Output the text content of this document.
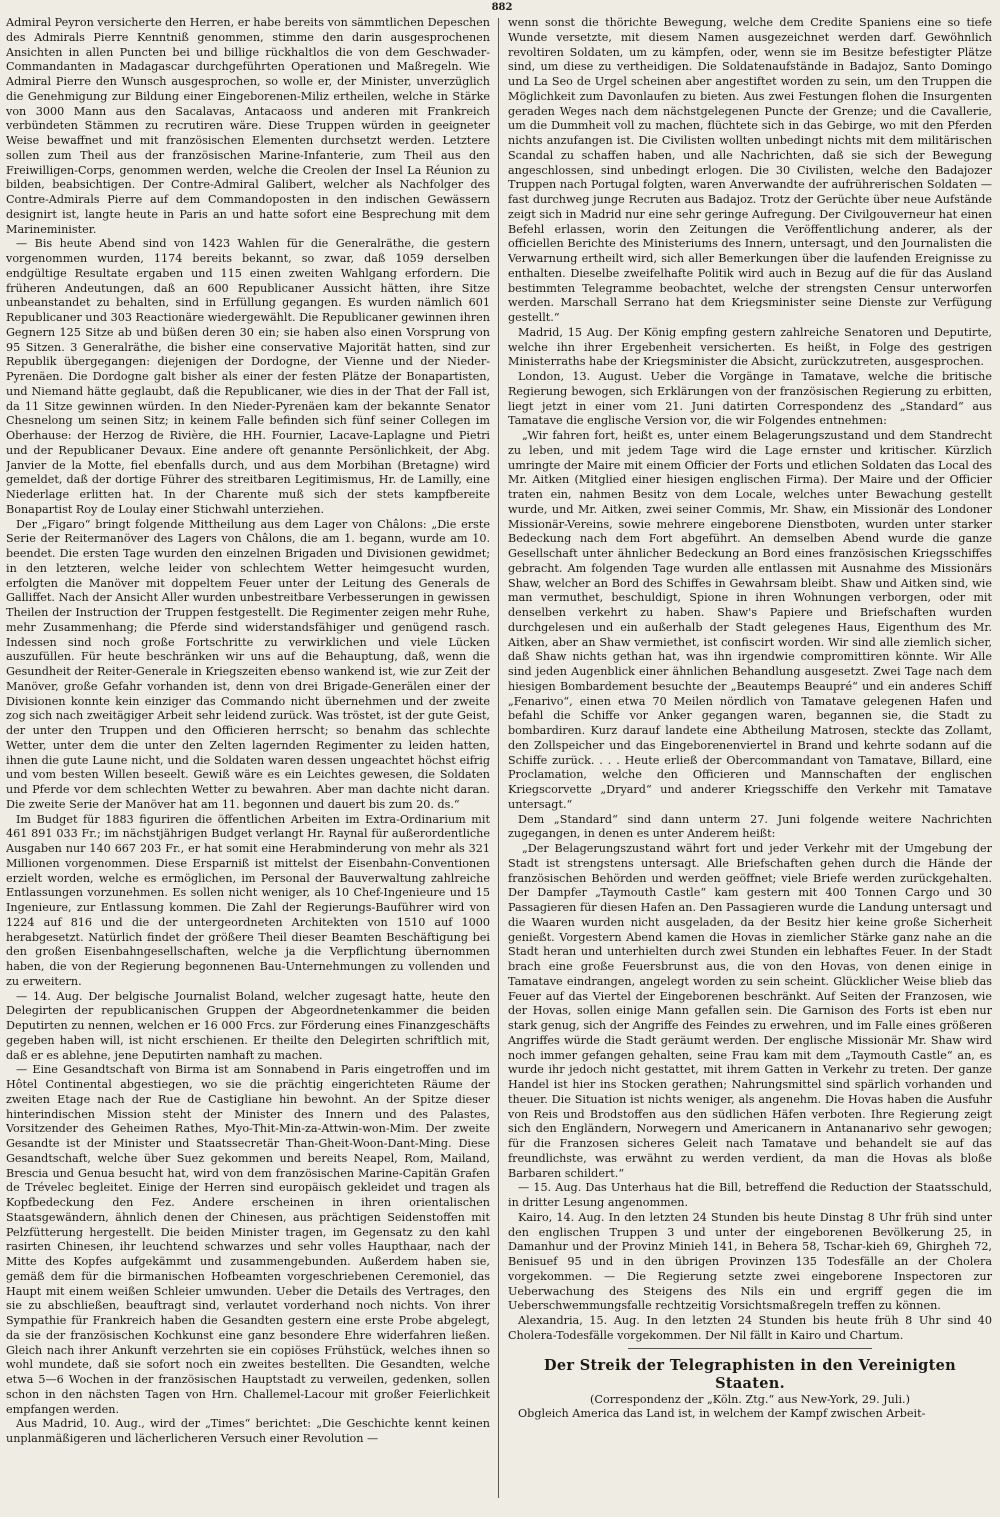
882

Admiral Peyron versicherte den Herren, er habe bereits von sämmtlichen Depeschen des Admirals Pierre Kenntniß genommen, stimme den darin ausgesprochenen Ansichten in allen Puncten bei und billige rückhaltlos die von dem Geschwader-Commandanten in Madagascar durchgeführten Operationen und Maßregeln. Wie Admiral Pierre den Wunsch ausgesprochen, so wolle er, der Minister, unverzüglich die Genehmigung zur Bildung einer Eingeborenen-Miliz ertheilen, welche in Stärke von 3000 Mann aus den Sacalavas, Antacaoss und anderen mit Frankreich verbündeten Stämmen zu recrutiren wäre. Diese Truppen würden in geeigneter Weise bewaffnet und mit französischen Elementen durchsetzt werden. Letztere sollen zum Theil aus der französischen Marine-Infanterie, zum Theil aus den Freiwilligen-Corps, genommen werden, welche die Creolen der Insel La Réunion zu bilden, beabsichtigen. Der Contre-Admiral Galibert, welcher als Nachfolger des Contre-Admirals Pierre auf dem Commandoposten in den indischen Gewässern designirt ist, langte heute in Paris an und hatte sofort eine Besprechung mit dem Marineminister.

— Bis heute Abend sind von 1423 Wahlen für die Generalräthe, die gestern vorgenommen wurden, 1174 bereits bekannt, so zwar, daß 1059 derselben endgültige Resultate ergaben und 115 einen zweiten Wahlgang erfordern. Die früheren Andeutungen, daß an 600 Republicaner Aussicht hätten, ihre Sitze unbeanstandet zu behalten, sind in Erfüllung gegangen. Es wurden nämlich 601 Republicaner und 303 Reactionäre wiedergewählt. Die Republicaner gewinnen ihren Gegnern 125 Sitze ab und büßen deren 30 ein; sie haben also einen Vorsprung von 95 Sitzen. 3 Generalräthe, die bisher eine conservative Majorität hatten, sind zur Republik übergegangen: diejenigen der Dordogne, der Vienne und der Nieder-Pyrenäen. Die Dordogne galt bisher als einer der festen Plätze der Bonapartisten, und Niemand hätte geglaubt, daß die Republicaner, wie dies in der That der Fall ist, da 11 Sitze gewinnen würden. In den Nieder-Pyrenäen kam der bekannte Senator Chesnelong um seinen Sitz; in keinem Falle befinden sich fünf seiner Collegen im Oberhause: der Herzog de Rivière, die HH. Fournier, Lacave-Laplagne und Pietri und der Republicaner Devaux. Eine andere oft genannte Persönlichkeit, der Abg. Janvier de la Motte, fiel ebenfalls durch, und aus dem Morbihan (Bretagne) wird gemeldet, daß der dortige Führer des streitbaren Legitimismus, Hr. de Lamilly, eine Niederlage erlitten hat. In der Charente muß sich der stets kampfbereite Bonapartist Roy de Loulay einer Stichwahl unterziehen.

Der „Figaro“ bringt folgende Mittheilung aus dem Lager von Châlons: „Die erste Serie der Reitermanöver des Lagers von Châlons, die am 1. begann, wurde am 10. beendet. Die ersten Tage wurden den einzelnen Brigaden und Divisionen gewidmet; in den letzteren, welche leider von schlechtem Wetter heimgesucht wurden, erfolgten die Manöver mit doppeltem Feuer unter der Leitung des Generals de Galliffet. Nach der Ansicht Aller wurden unbestreitbare Verbesserungen in gewissen Theilen der Instruction der Truppen festgestellt. Die Regimenter zeigen mehr Ruhe, mehr Zusammenhang; die Pferde sind widerstandsfähiger und genügend rasch. Indessen sind noch große Fortschritte zu verwirklichen und viele Lücken auszufüllen. Für heute beschränken wir uns auf die Behauptung, daß, wenn die Gesundheit der Reiter-Generale in Kriegszeiten ebenso wankend ist, wie zur Zeit der Manöver, große Gefahr vorhanden ist, denn von drei Brigade-Generälen einer der Divisionen konnte kein einziger das Commando nicht übernehmen und der zweite zog sich nach zweitägiger Arbeit sehr leidend zurück. Was tröstet, ist der gute Geist, der unter den Truppen und den Officieren herrscht; so benahm das schlechte Wetter, unter dem die unter den Zelten lagernden Regimenter zu leiden hatten, ihnen die gute Laune nicht, und die Soldaten waren dessen ungeachtet höchst eifrig und vom besten Willen beseelt. Gewiß wäre es ein Leichtes gewesen, die Soldaten und Pferde vor dem schlechten Wetter zu bewahren. Aber man dachte nicht daran. Die zweite Serie der Manöver hat am 11. begonnen und dauert bis zum 20. ds.“

Im Budget für 1883 figuriren die öffentlichen Arbeiten im Extra-Ordinarium mit 461 891 033 Fr.; im nächstjährigen Budget verlangt Hr. Raynal für außerordentliche Ausgaben nur 140 667 203 Fr., er hat somit eine Herabminderung von mehr als 321 Millionen vorgenommen. Diese Ersparniß ist mittelst der Eisenbahn-Conventionen erzielt worden, welche es ermöglichen, im Personal der Bauverwaltung zahlreiche Entlassungen vorzunehmen. Es sollen nicht weniger, als 10 Chef-Ingenieure und 15 Ingenieure, zur Entlassung kommen. Die Zahl der Regierungs-Bauführer wird von 1224 auf 816 und die der untergeordneten Architekten von 1510 auf 1000 herabgesetzt. Natürlich findet der größere Theil dieser Beamten Beschäftigung bei den großen Eisenbahngesellschaften, welche ja die Verpflichtung übernommen haben, die von der Regierung begonnenen Bau-Unternehmungen zu vollenden und zu erweitern.

— 14. Aug. Der belgische Journalist Boland, welcher zugesagt hatte, heute den Delegirten der republicanischen Gruppen der Abgeordnetenkammer die beiden Deputirten zu nennen, welchen er 16 000 Frcs. zur Förderung eines Finanzgeschäfts gegeben haben will, ist nicht erschienen. Er theilte den Delegirten schriftlich mit, daß er es ablehne, jene Deputirten namhaft zu machen.

— Eine Gesandtschaft von Birma ist am Sonnabend in Paris eingetroffen und im Hôtel Continental abgestiegen, wo sie die prächtig eingerichteten Räume der zweiten Etage nach der Rue de Castigliane hin bewohnt. An der Spitze dieser hinterindischen Mission steht der Minister des Innern und des Palastes, Vorsitzender des Geheimen Rathes, Myo-Thit-Min-za-Attwin-won-Mim. Der zweite Gesandte ist der Minister und Staatssecretär Than-Gheit-Woon-Dant-Ming. Diese Gesandtschaft, welche über Suez gekommen und bereits Neapel, Rom, Mailand, Brescia und Genua besucht hat, wird von dem französischen Marine-Capitän Grafen de Trévelec begleitet. Einige der Herren sind europäisch gekleidet und tragen als Kopfbedeckung den Fez. Andere erscheinen in ihren orientalischen Staatsgewändern, ähnlich denen der Chinesen, aus prächtigen Seidenstoffen mit Pelzfütterung hergestellt. Die beiden Minister tragen, im Gegensatz zu den kahl rasirten Chinesen, ihr leuchtend schwarzes und sehr volles Haupthaar, nach der Mitte des Kopfes aufgekämmt und zusammengebunden. Außerdem haben sie, gemäß dem für die birmanischen Hofbeamten vorgeschriebenen Ceremoniel, das Haupt mit einem weißen Schleier umwunden. Ueber die Details des Vertrages, den sie zu abschließen, beauftragt sind, verlautet vorderhand noch nichts. Von ihrer Sympathie für Frankreich haben die Gesandten gestern eine erste Probe abgelegt, da sie der französischen Kochkunst eine ganz besondere Ehre widerfahren ließen. Gleich nach ihrer Ankunft verzehrten sie ein copiöses Frühstück, welches ihnen so wohl mundete, daß sie sofort noch ein zweites bestellten. Die Gesandten, welche etwa 5—6 Wochen in der französischen Hauptstadt zu verweilen, gedenken, sollen schon in den nächsten Tagen von Hrn. Challemel-Lacour mit großer Feierlichkeit empfangen werden.

Aus Madrid, 10. Aug., wird der „Times“ berichtet: „Die Geschichte kennt keinen unplanmäßigeren und lächerlicheren Versuch einer Revolution —

wenn sonst die thörichte Bewegung, welche dem Credite Spaniens eine so tiefe Wunde versetzte, mit diesem Namen ausgezeichnet werden darf. Gewöhnlich revoltiren Soldaten, um zu kämpfen, oder, wenn sie im Besitze befestigter Plätze sind, um diese zu vertheidigen. Die Soldatenaufstände in Badajoz, Santo Domingo und La Seo de Urgel scheinen aber angestiftet worden zu sein, um den Truppen die Möglichkeit zum Davonlaufen zu bieten. Aus zwei Festungen flohen die Insurgenten geraden Weges nach dem nächstgelegenen Puncte der Grenze; und die Cavallerie, um die Dummheit voll zu machen, flüchtete sich in das Gebirge, wo mit den Pferden nichts anzufangen ist. Die Civilisten wollten unbedingt nichts mit dem militärischen Scandal zu schaffen haben, und alle Nachrichten, daß sie sich der Bewegung angeschlossen, sind unbedingt erlogen. Die 30 Civilisten, welche den Badajozer Truppen nach Portugal folgten, waren Anverwandte der aufrührerischen Soldaten — fast durchweg junge Recruten aus Badajoz. Trotz der Gerüchte über neue Aufstände zeigt sich in Madrid nur eine sehr geringe Aufregung. Der Civilgouverneur hat einen Befehl erlassen, worin den Zeitungen die Veröffentlichung anderer, als der officiellen Berichte des Ministeriums des Innern, untersagt, und den Journalisten die Verwarnung ertheilt wird, sich aller Bemerkungen über die laufenden Ereignisse zu enthalten. Dieselbe zweifelhafte Politik wird auch in Bezug auf die für das Ausland bestimmten Telegramme beobachtet, welche der strengsten Censur unterworfen werden. Marschall Serrano hat dem Kriegsminister seine Dienste zur Verfügung gestellt.“

Madrid, 15 Aug. Der König empfing gestern zahlreiche Senatoren und Deputirte, welche ihn ihrer Ergebenheit versicherten. Es heißt, in Folge des gestrigen Ministerraths habe der Kriegsminister die Absicht, zurückzutreten, ausgesprochen.

London, 13. August. Ueber die Vorgänge in Tamatave, welche die britische Regierung bewogen, sich Erklärungen von der französischen Regierung zu erbitten, liegt jetzt in einer vom 21. Juni datirten Correspondenz des „Standard“ aus Tamatave die englische Version vor, die wir Folgendes entnehmen:

„Wir fahren fort, heißt es, unter einem Belagerungszustand und dem Standrecht zu leben, und mit jedem Tage wird die Lage ernster und kritischer. Kürzlich umringte der Maire mit einem Officier der Forts und etlichen Soldaten das Local des Mr. Aitken (Mitglied einer hiesigen englischen Firma). Der Maire und der Officier traten ein, nahmen Besitz von dem Locale, welches unter Bewachung gestellt wurde, und Mr. Aitken, zwei seiner Commis, Mr. Shaw, ein Missionär des Londoner Missionär-Vereins, sowie mehrere eingeborene Dienstboten, wurden unter starker Bedeckung nach dem Fort abgeführt. An demselben Abend wurde die ganze Gesellschaft unter ähnlicher Bedeckung an Bord eines französischen Kriegsschiffes gebracht. Am folgenden Tage wurden alle entlassen mit Ausnahme des Missionärs Shaw, welcher an Bord des Schiffes in Gewahrsam bleibt. Shaw und Aitken sind, wie man vermuthet, beschuldigt, Spione in ihren Wohnungen verborgen, oder mit denselben verkehrt zu haben. Shaw's Papiere und Briefschaften wurden durchgelesen und ein außerhalb der Stadt gelegenes Haus, Eigenthum des Mr. Aitken, aber an Shaw vermiethet, ist confiscirt worden. Wir sind alle ziemlich sicher, daß Shaw nichts gethan hat, was ihn irgendwie compromittiren könnte. Wir Alle sind jeden Augenblick einer ähnlichen Behandlung ausgesetzt. Zwei Tage nach dem hiesigen Bombardement besuchte der „Beautemps Beaupré“ und ein anderes Schiff „Fenarivo“, einen etwa 70 Meilen nördlich von Tamatave gelegenen Hafen und befahl die Schiffe vor Anker gegangen waren, begannen sie, die Stadt zu bombardiren. Kurz darauf landete eine Abtheilung Matrosen, steckte das Zollamt, den Zollspeicher und das Eingeborenenviertel in Brand und kehrte sodann auf die Schiffe zurück. . . . Heute erließ der Obercommandant von Tamatave, Billard, eine Proclamation, welche den Officieren und Mannschaften der englischen Kriegscorvette „Dryard“ und anderer Kriegsschiffe den Verkehr mit Tamatave untersagt.“

Dem „Standard“ sind dann unterm 27. Juni folgende weitere Nachrichten zugegangen, in denen es unter Anderem heißt:

„Der Belagerungszustand währt fort und jeder Verkehr mit der Umgebung der Stadt ist strengstens untersagt. Alle Briefschaften gehen durch die Hände der französischen Behörden und werden geöffnet; viele Briefe werden zurückgehalten. Der Dampfer „Taymouth Castle“ kam gestern mit 400 Tonnen Cargo und 30 Passagieren für diesen Hafen an. Den Passagieren wurde die Landung untersagt und die Waaren wurden nicht ausgeladen, da der Besitz hier keine große Sicherheit genießt. Vorgestern Abend kamen die Hovas in ziemlicher Stärke ganz nahe an die Stadt heran und unterhielten durch zwei Stunden ein lebhaftes Feuer. In der Stadt brach eine große Feuersbrunst aus, die von den Hovas, von denen einige in Tamatave eindrangen, angelegt worden zu sein scheint. Glücklicher Weise blieb das Feuer auf das Viertel der Eingeborenen beschränkt. Auf Seiten der Franzosen, wie der Hovas, sollen einige Mann gefallen sein. Die Garnison des Forts ist eben nur stark genug, sich der Angriffe des Feindes zu erwehren, und im Falle eines größeren Angriffes würde die Stadt geräumt werden. Der englische Missionär Mr. Shaw wird noch immer gefangen gehalten, seine Frau kam mit dem „Taymouth Castle“ an, es wurde ihr jedoch nicht gestattet, mit ihrem Gatten in Verkehr zu treten. Der ganze Handel ist hier ins Stocken gerathen; Nahrungsmittel sind spärlich vorhanden und theuer. Die Situation ist nichts weniger, als angenehm. Die Hovas haben die Ausfuhr von Reis und Brodstoffen aus den südlichen Häfen verboten. Ihre Regierung zeigt sich den Engländern, Norwegern und Americanern in Antananarivo sehr gewogen; für die Franzosen sicheres Geleit nach Tamatave und behandelt sie auf das freundlichste, was erwähnt zu werden verdient, da man die Hovas als bloße Barbaren schildert.“

— 15. Aug. Das Unterhaus hat die Bill, betreffend die Reduction der Staatsschuld, in dritter Lesung angenommen.

Kairo, 14. Aug. In den letzten 24 Stunden bis heute Dinstag 8 Uhr früh sind unter den englischen Truppen 3 und unter der eingeborenen Bevölkerung 25, in Damanhur und der Provinz Minieh 141, in Behera 58, Tschar-kieh 69, Ghirgheh 72, Benisuef 95 und in den übrigen Provinzen 135 Todesfälle an der Cholera vorgekommen. — Die Regierung setzte zwei eingeborene Inspectoren zur Ueberwachung des Steigens des Nils ein und ergriff gegen die im Ueberschwemmungsfalle rechtzeitig Vorsichtsmaßregeln treffen zu können.

Alexandria, 15. Aug. In den letzten 24 Stunden bis heute früh 8 Uhr sind 40 Cholera-Todesfälle vorgekommen. Der Nil fällt in Kairo und Chartum.

Der Streik der Telegraphisten in den Vereinigten Staaten.

(Correspondenz der „Köln. Ztg.“ aus New-York, 29. Juli.)

Obgleich America das Land ist, in welchem der Kampf zwischen Arbeit-
